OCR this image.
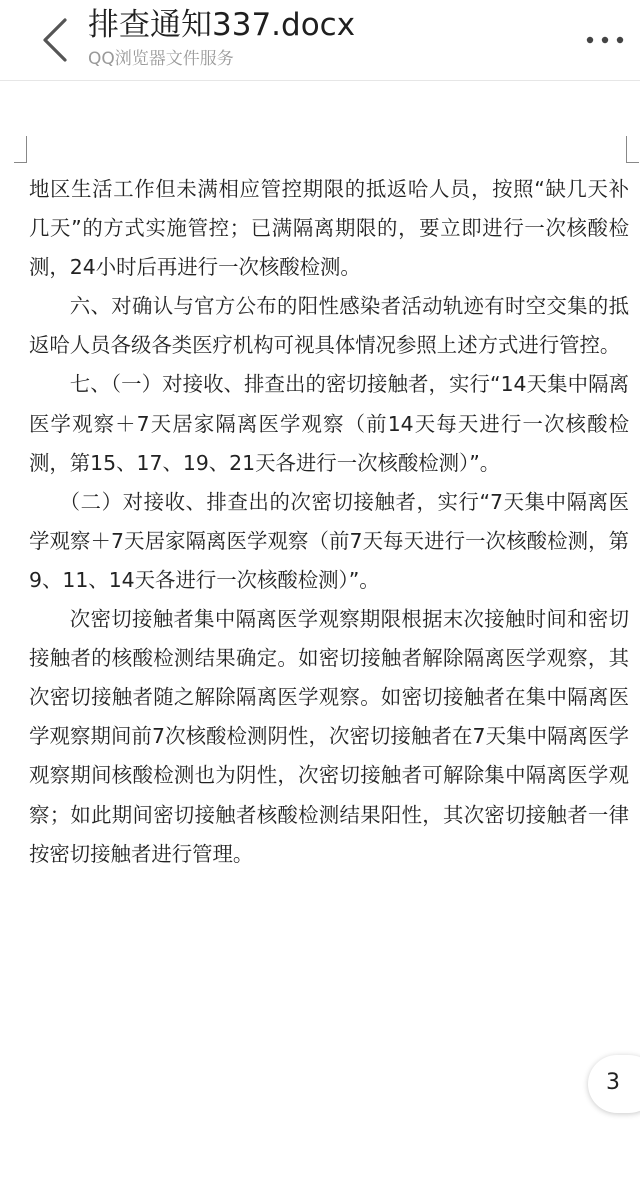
排查通知337.docx
QQ浏览器文件服务

地区生活工作但未满相应管控期限的抵返哈人员，按照“缺几天补几天”的方式实施管控；已满隔离期限的，要立即进行一次核酸检测，24小时后再进行一次核酸检测。

六、对确认与官方公布的阳性感染者活动轨迹有时空交集的抵返哈人员各级各类医疗机构可视具体情况参照上述方式进行管控。

七、（一）对接收、排查出的密切接触者，实行“14天集中隔离医学观察＋7天居家隔离医学观察（前14天每天进行一次核酸检测，第15、17、19、21天各进行一次核酸检测）”。

（二）对接收、排查出的次密切接触者，实行“7天集中隔离医学观察＋7天居家隔离医学观察（前7天每天进行一次核酸检测，第9、11、14天各进行一次核酸检测）”。

次密切接触者集中隔离医学观察期限根据末次接触时间和密切接触者的核酸检测结果确定。如密切接触者解除隔离医学观察，其次密切接触者随之解除隔离医学观察。如密切接触者在集中隔离医学观察期间前7次核酸检测阴性，次密切接触者在7天集中隔离医学观察期间核酸检测也为阴性，次密切接触者可解除集中隔离医学观察；如此期间密切接触者核酸检测结果阳性，其次密切接触者一律按密切接触者进行管理。

3
